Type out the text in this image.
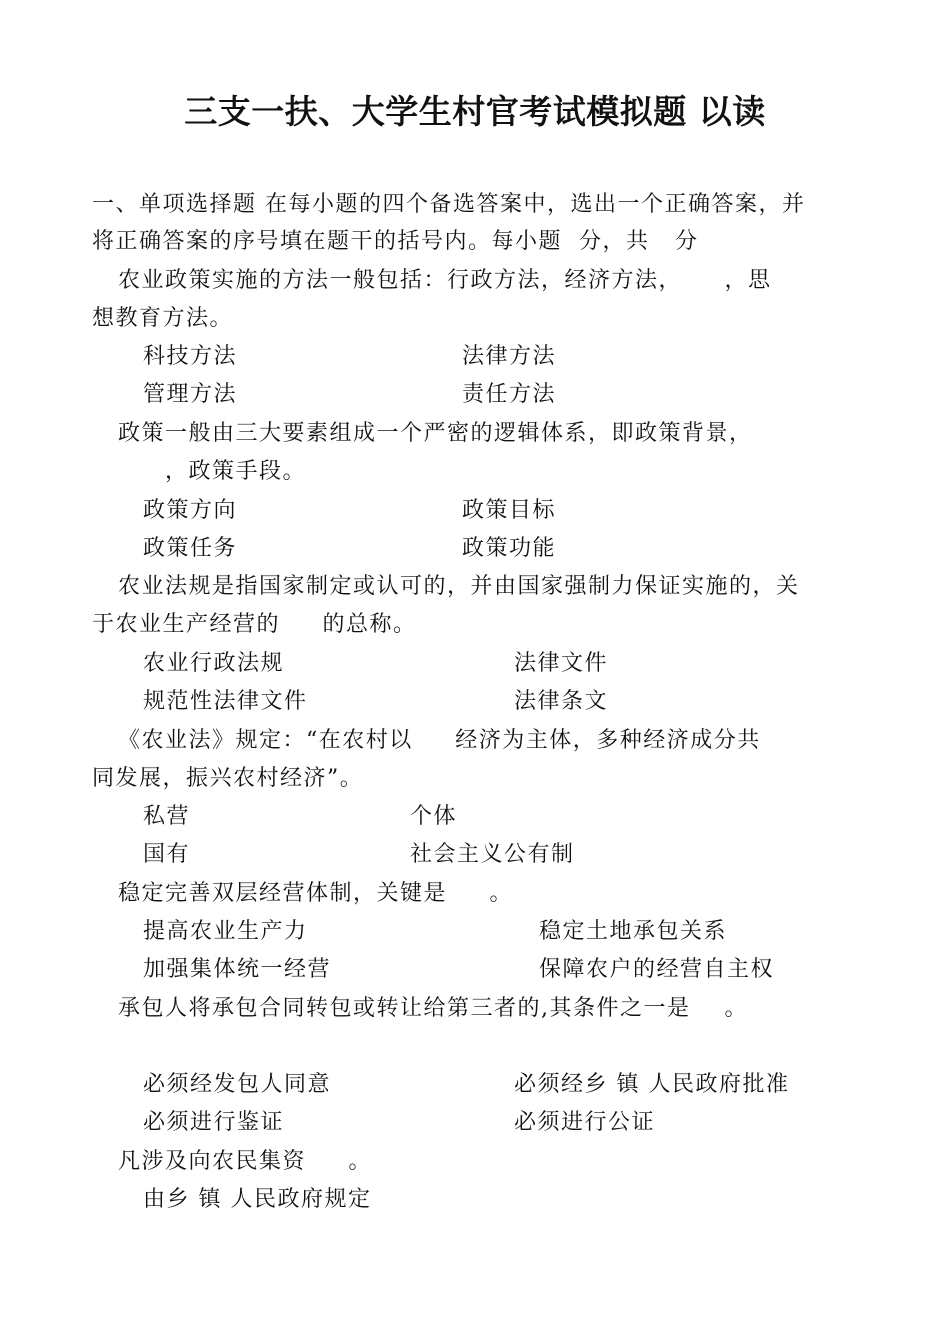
三支一扶、大学生村官考试模拟题 以读
一、单项选择题 在每小题的四个备选答案中，选出一个正确答案，并
将正确答案的序号填在题干的括号内。每小题  分，共   分
农业政策实施的方法一般包括：行政方法，经济方法，     ，思
想教育方法。
科技方法	法律方法
管理方法	责任方法
政策一般由三大要素组成一个严密的逻辑体系，即政策背景，
，政策手段。
政策方向	政策目标
政策任务	政策功能
农业法规是指国家制定或认可的，并由国家强制力保证实施的，关
于农业生产经营的     的总称。
农业行政法规	法律文件
规范性法律文件	法律条文
《农业法》规定：“在农村以     经济为主体，多种经济成分共
同发展，振兴农村经济”。
私营	个体
国有	社会主义公有制
稳定完善双层经营体制，关键是     。
提高农业生产力	稳定土地承包关系
加强集体统一经营	保障农户的经营自主权
承包人将承包合同转包或转让给第三者的,其条件之一是    。
必须经发包人同意	必须经乡 镇 人民政府批准
必须进行鉴证	必须进行公证
凡涉及向农民集资     。
由乡 镇 人民政府规定
